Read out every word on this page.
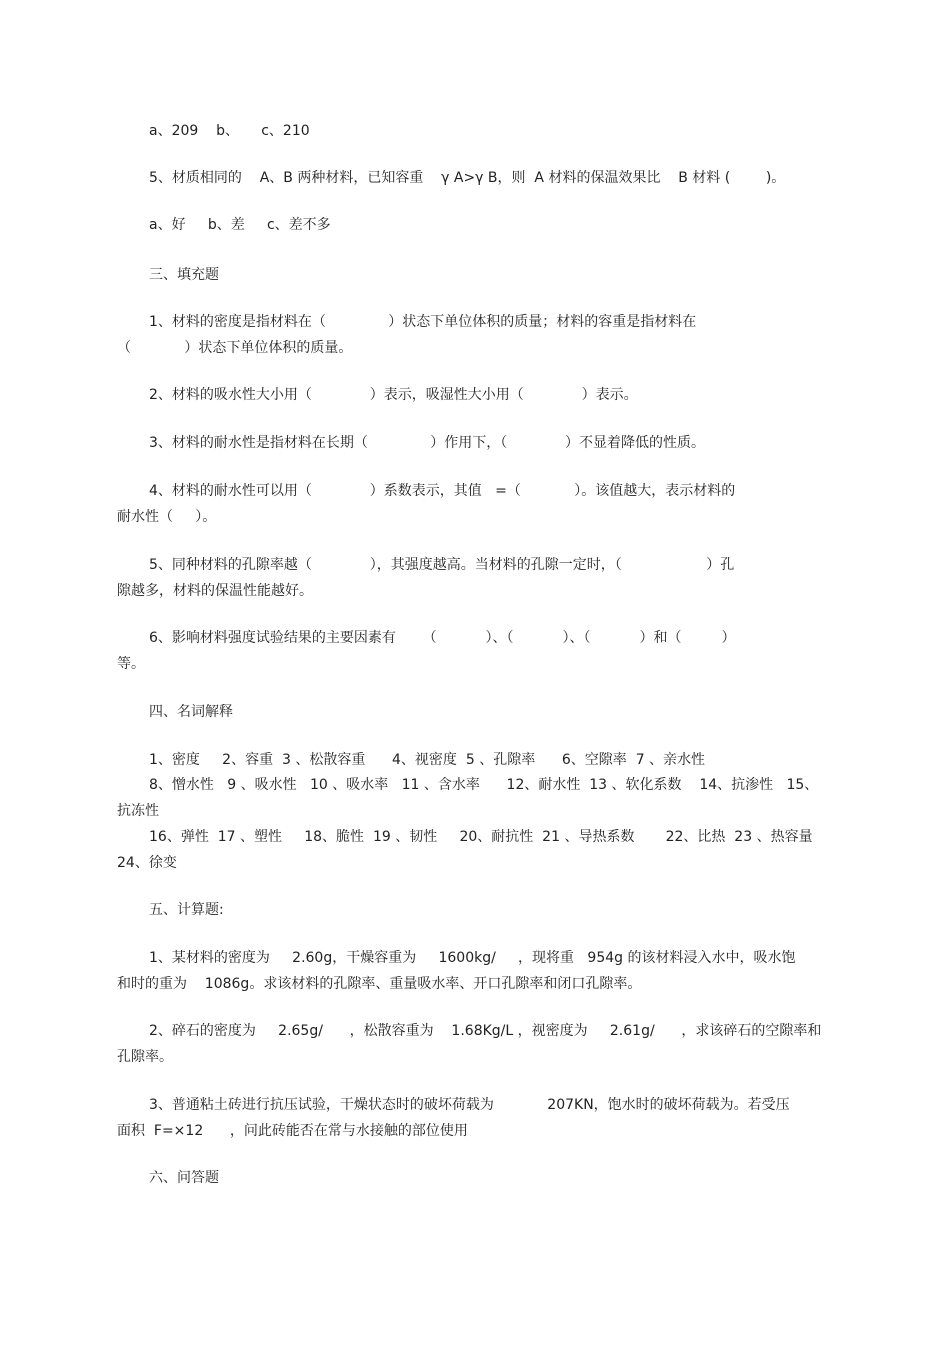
a、209    b、     c、210
5、材质相同的    A、B 两种材料，已知容重    γ A>γ B，则  A 材料的保温效果比    B 材料 (        )。
a、好     b、差     c、差不多
三、填充题
1、材料的密度是指材料在（              ）状态下单位体积的质量；材料的容重是指材料在
（            ）状态下单位体积的质量。
2、材料的吸水性大小用（             ）表示，吸湿性大小用（             ）表示。
3、材料的耐水性是指材料在长期（              ）作用下，（             ）不显着降低的性质。
4、材料的耐水性可以用（             ）系数表示，其值   =（            ）。该值越大，表示材料的
耐水性（     ）。
5、同种材料的孔隙率越（             ），其强度越高。当材料的孔隙一定时，（                   ）孔
隙越多，材料的保温性能越好。
6、影响材料强度试验结果的主要因素有      （           ）、（           ）、（           ）和（         ）
等。
四、名词解释
1、密度     2、容重  3 、松散容重      4、视密度  5 、孔隙率      6、空隙率  7 、亲水性
8、憎水性   9 、吸水性   10 、吸水率   11 、含水率      12、耐水性  13 、软化系数    14、抗渗性   15、
抗冻性
16、弹性  17 、塑性     18、脆性  19 、韧性     20、耐抗性  21 、导热系数       22、比热  23 、热容量
24、徐变
五、计算题:
1、某材料的密度为     2.60g，干燥容重为     1600kg/     ，现将重   954g 的该材料浸入水中，吸水饱
和时的重为    1086g。求该材料的孔隙率、重量吸水率、开口孔隙率和闭口孔隙率。
2、碎石的密度为     2.65g/      ，松散容重为    1.68Kg/L ，视密度为     2.61g/      ，求该碎石的空隙率和
孔隙率。
3、普通粘土砖进行抗压试验，干燥状态时的破坏荷载为            207KN，饱水时的破坏荷载为。若受压
面积  F=×12      ，问此砖能否在常与水接触的部位使用
六、问答题
